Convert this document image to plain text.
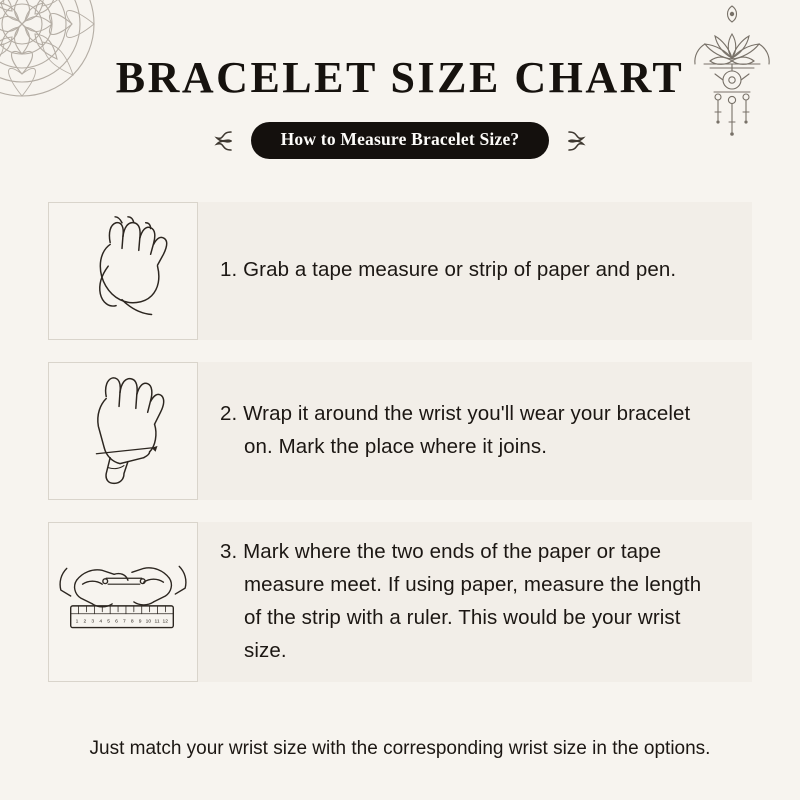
BRACELET SIZE CHART
How to Measure Bracelet Size?
1. Grab a tape measure or strip of paper and pen.
2. Wrap it around the wrist you'll wear your bracelet on. Mark the place where it joins.
1 2 3 4 5 6 7 8 9 10 11 12
3. Mark where the two ends of the paper or tape measure meet. If using paper, measure the length of the strip with a ruler. This would be your wrist size.
Just match your wrist size with the corresponding wrist size in the options.
